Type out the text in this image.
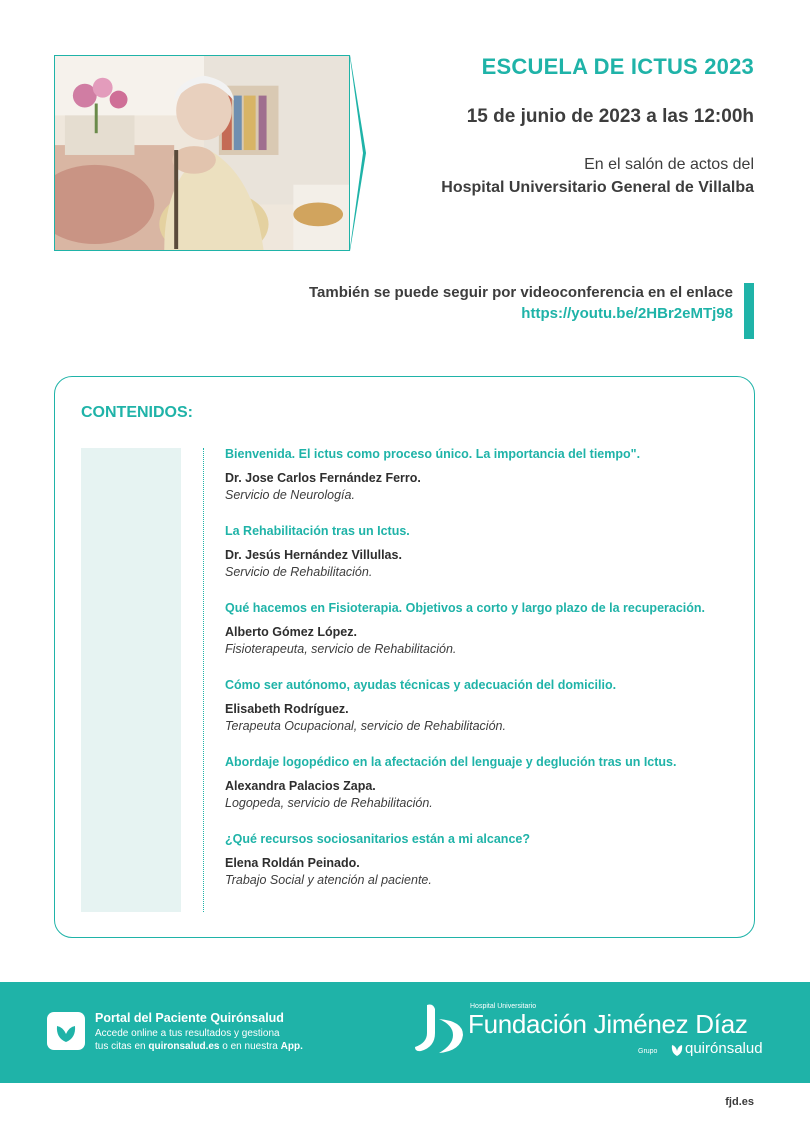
ESCUELA DE ICTUS 2023
15 de junio de 2023 a las 12:00h
En el salón de actos del
Hospital Universitario General de Villalba
También se puede seguir por videoconferencia en el enlace
https://youtu.be/2HBr2eMTj98
CONTENIDOS:
Bienvenida. El ictus como proceso único. La importancia del tiempo".
Dr. Jose Carlos Fernández Ferro.
Servicio de Neurología.
La Rehabilitación tras un Ictus.
Dr. Jesús Hernández Villullas.
Servicio de Rehabilitación.
Qué hacemos en Fisioterapia. Objetivos a corto y largo plazo de la recuperación.
Alberto Gómez López.
Fisioterapeuta, servicio de Rehabilitación.
Cómo ser autónomo, ayudas técnicas y adecuación del domicilio.
Elisabeth Rodríguez.
Terapeuta Ocupacional, servicio de Rehabilitación.
Abordaje logopédico en la afectación del lenguaje y deglución tras un Ictus.
Alexandra Palacios Zapa.
Logopeda, servicio de Rehabilitación.
¿Qué recursos sociosanitarios están a mi alcance?
Elena Roldán Peinado.
Trabajo Social y atención al paciente.
Portal del Paciente Quirónsalud
Accede online a tus resultados y gestiona
tus citas en quironsalud.es o en nuestra App.
Hospital Universitario
Fundación Jiménez Díaz
Grupo quirónsalud
fjd.es
